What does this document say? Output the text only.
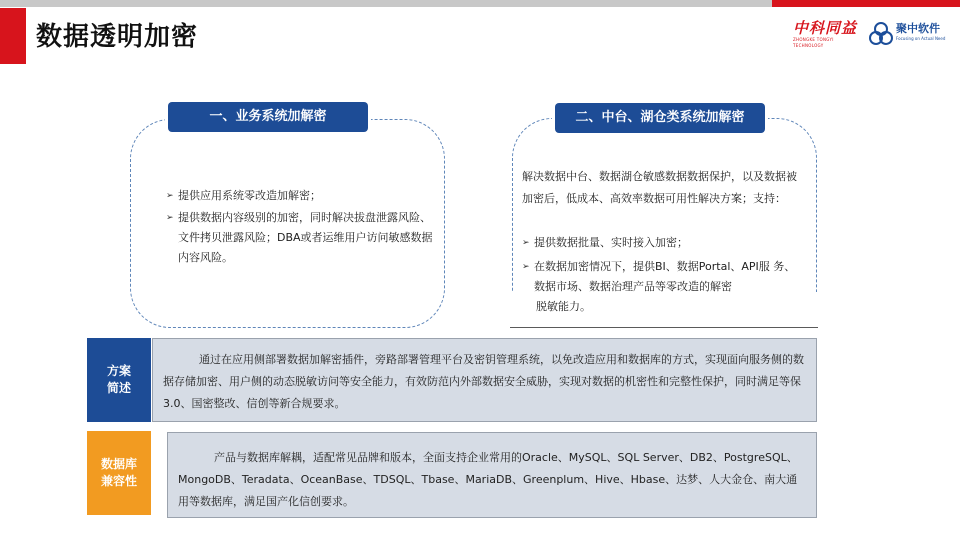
数据透明加密	中科同益
ZHONGKE TONGYI TECHNOLOGY
聚中软件
Focusing on Actual Need
一、业务系统加解密
➢ 提供应用系统零改造加解密；
➢ 提供数据内容级别的加密，同时解决拔盘泄露风险、文件拷贝泄露风险；DBA或者运维用户访问敏感数据内容风险。
二、中台、湖仓类系统加解密
解决数据中台、数据湖仓敏感数据数据保护，以及数据被加密后，低成本、高效率数据可用性解决方案；支持：
➢ 提供数据批量、实时接入加密；
➢ 在数据加密情况下，提供BI、数据Portal、API服 务、数据市场、数据治理产品等零改造的解密
脱敏能力。
方案
简述
通过在应用侧部署数据加解密插件，旁路部署管理平台及密钥管理系统，以免改造应用和数据库的方式，实现面向服务侧的数据存储加密、用户侧的动态脱敏访问等安全能力，有效防范内外部数据安全威胁，实现对数据的机密性和完整性保护，同时满足等保3.0、国密整改、信创等新合规要求。
数据库
兼容性
产品与数据库解耦，适配常见品牌和版本，全面支持企业常用的Oracle、MySQL、SQL Server、DB2、PostgreSQL、MongoDB、Teradata、OceanBase、TDSQL、Tbase、MariaDB、Greenplum、Hive、Hbase、达梦、人大金仓、南大通用等数据库，满足国产化信创要求。
